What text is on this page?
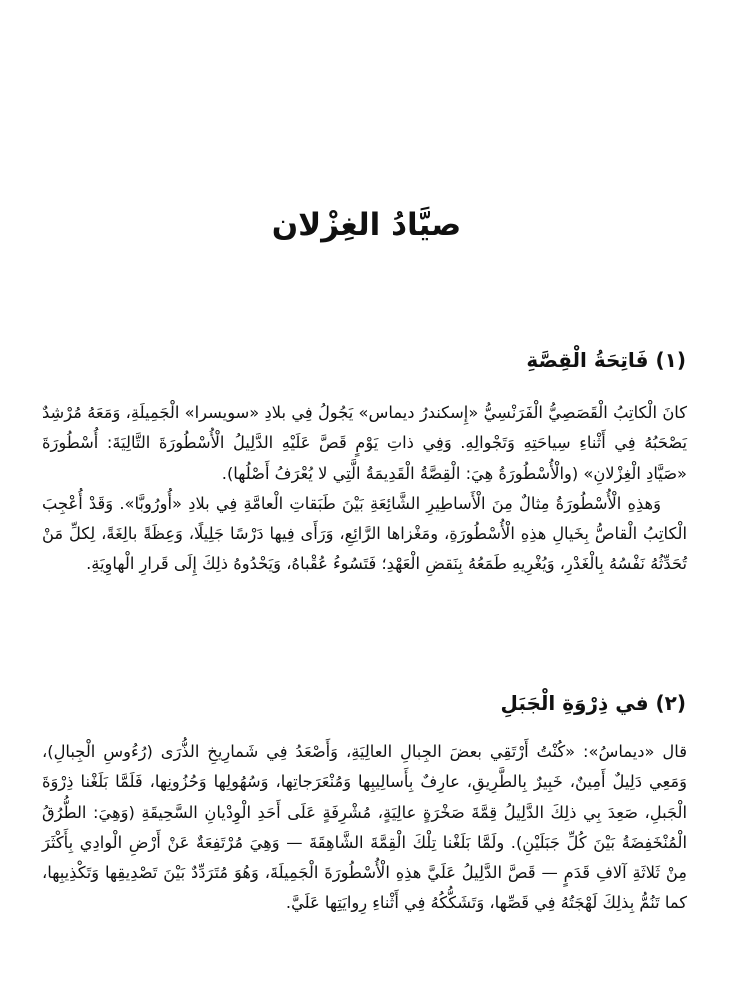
صيَّادُ الغِزْلان
(١) فَاتِحَةُ الْقِصَّةِ

كانَ الْكاتِبُ الْقَصَصِيُّ الْفَرَنْسِيُّ «إِسكندرُ ديماس» يَجُولُ فِي بلادِ «سويسرا» الْجَمِيلَةِ، وَمَعَهُ مُرْشِدٌ يَصْحَبُهُ فِي أَثْناءِ سِياحَتِهِ وَتَجْوالِهِ. وَفِي ذاتِ يَوْمٍ قَصَّ عَلَيْهِ الدَّلِيلُ الْأُسْطُورَةَ التَّالِيَةَ: أُسْطُورَةَ «صَيَّادِ الْغِزْلانِ» (والْأُسْطُورَةُ هِيَ: الْقِصَّةُ الْقَدِيمَةُ الَّتِي لا يُعْرَفُ أَصْلُها).

وَهذِهِ الْأُسْطُورَةُ مِثالٌ مِنَ الْأَساطِيرِ الشَّائِعَةِ بَيْنَ طَبَقاتِ الْعامَّةِ فِي بلادِ «أُورُوبَّا». وَقَدْ أُعْجِبَ الْكاتِبُ الْقاصُّ بِخَيالِ هذِهِ الْأُسْطُورَةِ، ومَغْزاها الرَّائِعِ، وَرَأَى فِيها دَرْسًا جَلِيلًا، وَعِظَةً بالِغَةً، لِكلِّ مَنْ تُحَدِّثُهُ نَفْسُهُ بِالْغَدْرِ، وَيُغْرِيهِ طَمَعُهُ بِنَقضِ الْعَهْدِ؛ فَتَسُوءُ عُقْباهُ، وَيَحْدُوهُ ذلِكَ إِلَى قَرارِ الْهاوِيَةِ.

(٢) في ذِرْوَةِ الْجَبَلِ

قال «ديماسُ»: «كُنْتُ أَرْتَقِي بعضَ الجِبالِ العالِيَةِ، وَأَصْعَدُ فِي شَمارِيخِ الذُّرَى (رُءُوسِ الْجِبالِ)، وَمَعِي دَلِيلٌ أَمِينٌ، خَبِيرٌ بِالطَّرِيقِ، عارِفٌ بِأَسالِيبِها وَمُنْعَرَجاتِها، وَسُهُولِها وَحُزُونِها، فَلَمَّا بَلَغْنا ذِرْوَةَ الْجَبلِ، صَعِدَ بِي ذلِكَ الدَّلِيلُ قِمَّةَ صَخْرَةٍ عالِيَةٍ، مُشْرِفَةٍ عَلَى أَحَدِ الْوِدْيانِ السَّحِيقَةِ (وَهِيَ: الطُّرُقُ الْمُنْخَفِضَةُ بَيْنَ كُلِّ جَبَلَيْنِ). ولَمَّا بَلَغْنا تِلْكَ الْقِمَّةَ الشَّاهِقَةَ — وَهِيَ مُرْتَفِعَةٌ عَنْ أَرْضِ الْوادِي بِأَكْثَرَ مِنْ ثَلاثَةِ آلافِ قَدَمٍ — قَصَّ الدَّلِيلُ عَلَيَّ هذِهِ الْأُسْطُورَةَ الْجَمِيلَةَ، وَهُوَ مُتَرَدِّدٌ بَيْنَ تَصْدِيقِها وَتَكْذِيبِها، كما تَنُمُّ بِذلِكَ لَهْجَتُهُ فِي قَصِّها، وَتَشَكُّكُهُ فِي أَثْناءِ رِوايَتِها عَلَيَّ.
